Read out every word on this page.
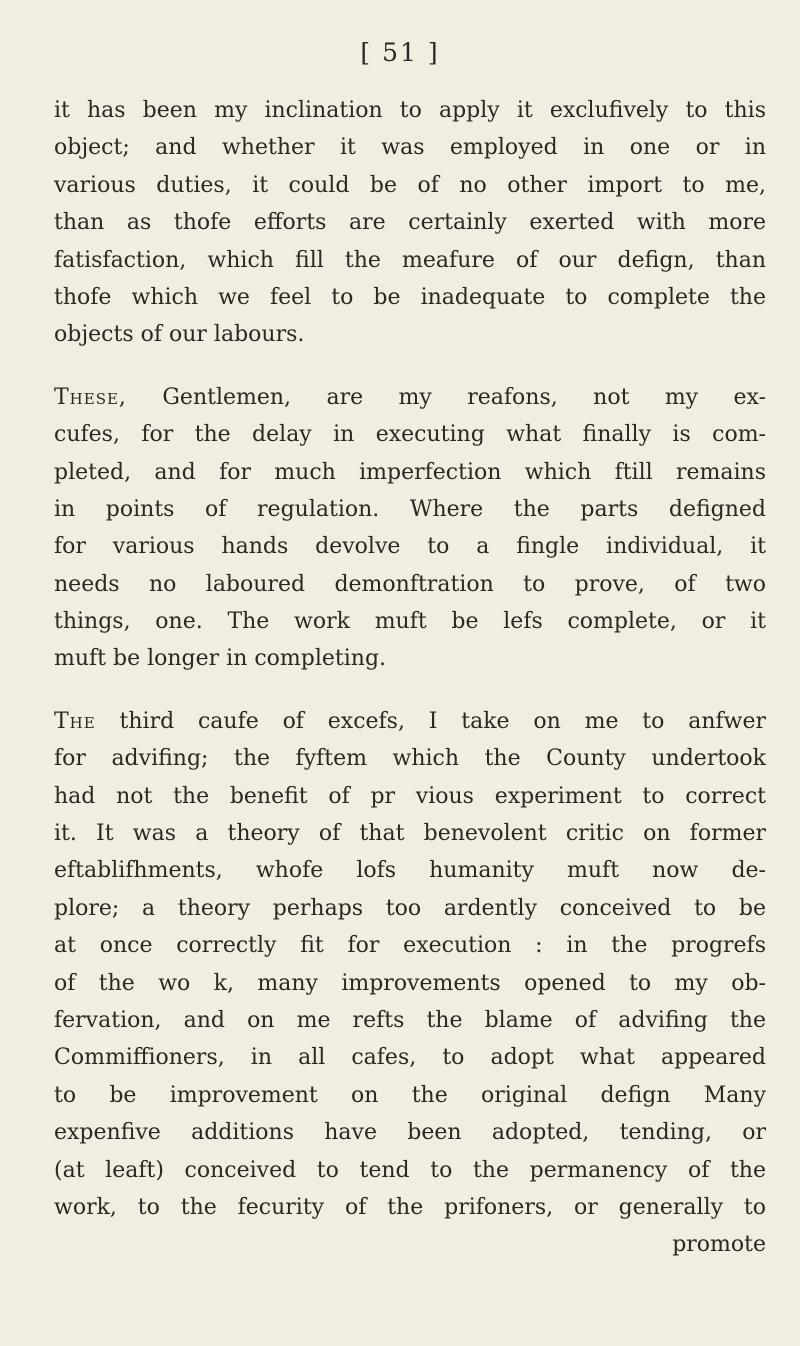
[ 51 ]
it has been my inclination to apply it exclufively to this
object; and whether it was employed in one or in
various duties, it could be of no other import to me,
than as thofe efforts are certainly exerted with more
fatisfaction, which fill the meafure of our defign, than
thofe which we feel to be inadequate to complete the
objects of our labours.
These, Gentlemen, are my reafons, not my ex-
cufes, for the delay in executing what finally is com-
pleted, and for much imperfection which ftill remains
in points of regulation. Where the parts defigned
for various hands devolve to a fingle individual, it
needs no laboured demonftration to prove, of two
things, one. The work muft be lefs complete, or it
muft be longer in completing.
The third caufe of excefs, I take on me to anfwer
for advifing; the fyftem which the County undertook
had not the benefit of pr vious experiment to correct
it. It was a theory of that benevolent critic on former
eftablifhments, whofe lofs humanity muft now de-
plore; a theory perhaps too ardently conceived to be
at once correctly fit for execution : in the progrefs
of the wo k, many improvements opened to my ob-
fervation, and on me refts the blame of advifing the
Commiffioners, in all cafes, to adopt what appeared
to be improvement on the original defign Many
expenfive additions have been adopted, tending, or
(at leaft) conceived to tend to the permanency of the
work, to the fecurity of the prifoners, or generally to
promote
